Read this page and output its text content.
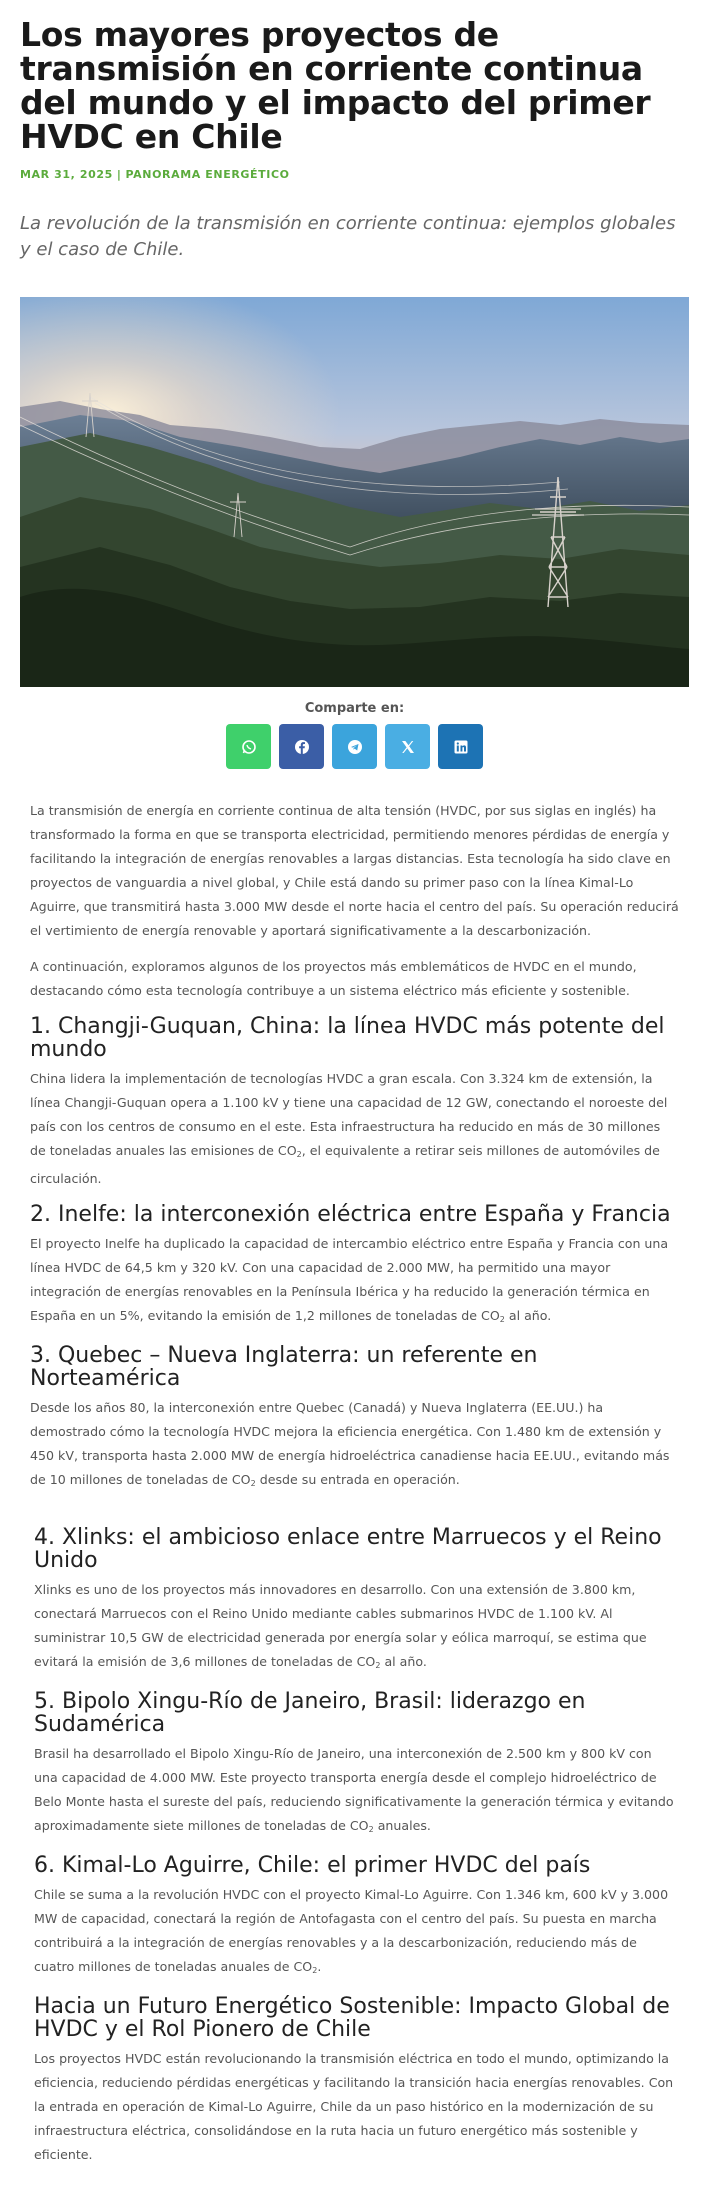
Los mayores proyectos de transmisión en corriente continua del mundo y el impacto del primer HVDC en Chile
MAR 31, 2025 | PANORAMA ENERGÉTICO

La revolución de la transmisión en corriente continua: ejemplos globales y el caso de Chile.

Comparte en:

La transmisión de energía en corriente continua de alta tensión (HVDC, por sus siglas en inglés) ha transformado la forma en que se transporta electricidad, permitiendo menores pérdidas de energía y facilitando la integración de energías renovables a largas distancias. Esta tecnología ha sido clave en proyectos de vanguardia a nivel global, y Chile está dando su primer paso con la línea Kimal-Lo Aguirre, que transmitirá hasta 3.000 MW desde el norte hacia el centro del país. Su operación reducirá el vertimiento de energía renovable y aportará significativamente a la descarbonización.

A continuación, exploramos algunos de los proyectos más emblemáticos de HVDC en el mundo, destacando cómo esta tecnología contribuye a un sistema eléctrico más eficiente y sostenible.

1. Changji-Guquan, China: la línea HVDC más potente del mundo

China lidera la implementación de tecnologías HVDC a gran escala. Con 3.324 km de extensión, la línea Changji-Guquan opera a 1.100 kV y tiene una capacidad de 12 GW, conectando el noroeste del país con los centros de consumo en el este. Esta infraestructura ha reducido en más de 30 millones de toneladas anuales las emisiones de $CO_2$, el equivalente a retirar seis millones de automóviles de circulación.

2. Inelfe: la interconexión eléctrica entre España y Francia

El proyecto Inelfe ha duplicado la capacidad de intercambio eléctrico entre España y Francia con una línea HVDC de 64,5 km y 320 kV. Con una capacidad de 2.000 MW, ha permitido una mayor integración de energías renovables en la Península Ibérica y ha reducido la generación térmica en España en un 5%, evitando la emisión de 1,2 millones de toneladas de $CO_2$ al año.

3. Quebec – Nueva Inglaterra: un referente en Norteamérica

Desde los años 80, la interconexión entre Quebec (Canadá) y Nueva Inglaterra (EE.UU.) ha demostrado cómo la tecnología HVDC mejora la eficiencia energética. Con 1.480 km de extensión y 450 kV, transporta hasta 2.000 MW de energía hidroeléctrica canadiense hacia EE.UU., evitando más de 10 millones de toneladas de $CO_2$ desde su entrada en operación.

4. Xlinks: el ambicioso enlace entre Marruecos y el Reino Unido

Xlinks es uno de los proyectos más innovadores en desarrollo. Con una extensión de 3.800 km, conectará Marruecos con el Reino Unido mediante cables submarinos HVDC de 1.100 kV. Al suministrar 10,5 GW de electricidad generada por energía solar y eólica marroquí, se estima que evitará la emisión de 3,6 millones de toneladas de $CO_2$ al año.

5. Bipolo Xingu-Río de Janeiro, Brasil: liderazgo en Sudamérica

Brasil ha desarrollado el Bipolo Xingu-Río de Janeiro, una interconexión de 2.500 km y 800 kV con una capacidad de 4.000 MW. Este proyecto transporta energía desde el complejo hidroeléctrico de Belo Monte hasta el sureste del país, reduciendo significativamente la generación térmica y evitando aproximadamente siete millones de toneladas de $CO_2$ anuales.

6. Kimal-Lo Aguirre, Chile: el primer HVDC del país

Chile se suma a la revolución HVDC con el proyecto Kimal-Lo Aguirre. Con 1.346 km, 600 kV y 3.000 MW de capacidad, conectará la región de Antofagasta con el centro del país. Su puesta en marcha contribuirá a la integración de energías renovables y a la descarbonización, reduciendo más de cuatro millones de toneladas anuales de $CO_2$.

Hacia un Futuro Energético Sostenible: Impacto Global de HVDC y el Rol Pionero de Chile

Los proyectos HVDC están revolucionando la transmisión eléctrica en todo el mundo, optimizando la eficiencia, reduciendo pérdidas energéticas y facilitando la transición hacia energías renovables. Con la entrada en operación de Kimal-Lo Aguirre, Chile da un paso histórico en la modernización de su infraestructura eléctrica, consolidándose en la ruta hacia un futuro energético más sostenible y eficiente.
